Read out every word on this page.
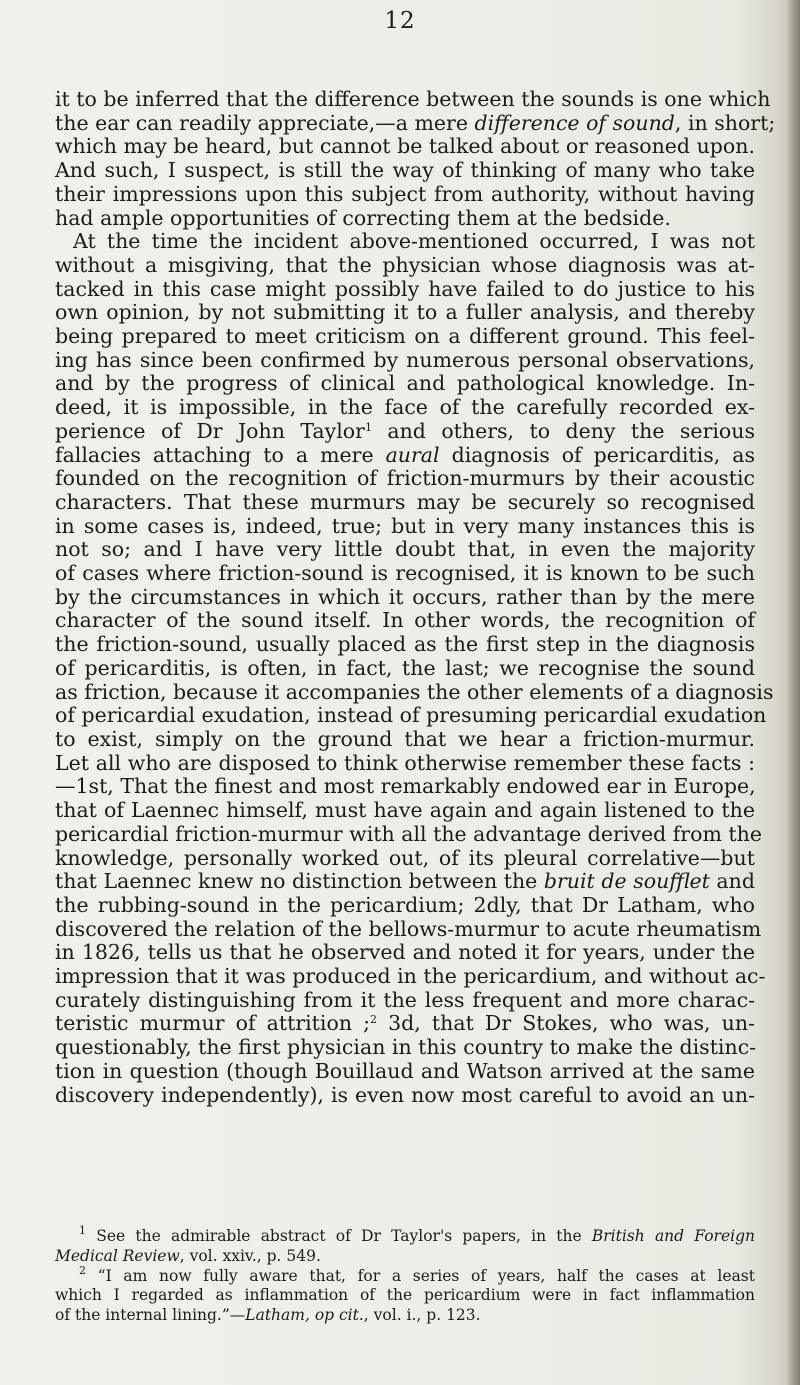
12
it to be inferred that the difference between the sounds is one which
the ear can readily appreciate,—a mere difference of sound, in short;
which may be heard, but cannot be talked about or reasoned upon.
And such, I suspect, is still the way of thinking of many who take
their impressions upon this subject from authority, without having
had ample opportunities of correcting them at the bedside.
At the time the incident above-mentioned occurred, I was not
without a misgiving, that the physician whose diagnosis was at-
tacked in this case might possibly have failed to do justice to his
own opinion, by not submitting it to a fuller analysis, and thereby
being prepared to meet criticism on a different ground. This feel-
ing has since been confirmed by numerous personal observations,
and by the progress of clinical and pathological knowledge. In-
deed, it is impossible, in the face of the carefully recorded ex-
perience of Dr John Taylor$^1$ and others, to deny the serious
fallacies attaching to a mere aural diagnosis of pericarditis, as
founded on the recognition of friction-murmurs by their acoustic
characters. That these murmurs may be securely so recognised
in some cases is, indeed, true; but in very many instances this is
not so; and I have very little doubt that, in even the majority
of cases where friction-sound is recognised, it is known to be such
by the circumstances in which it occurs, rather than by the mere
character of the sound itself. In other words, the recognition of
the friction-sound, usually placed as the first step in the diagnosis
of pericarditis, is often, in fact, the last; we recognise the sound
as friction, because it accompanies the other elements of a diagnosis
of pericardial exudation, instead of presuming pericardial exudation
to exist, simply on the ground that we hear a friction-murmur.
Let all who are disposed to think otherwise remember these facts :
—1st, That the finest and most remarkably endowed ear in Europe,
that of Laennec himself, must have again and again listened to the
pericardial friction-murmur with all the advantage derived from the
knowledge, personally worked out, of its pleural correlative—but
that Laennec knew no distinction between the bruit de soufflet and
the rubbing-sound in the pericardium; 2dly, that Dr Latham, who
discovered the relation of the bellows-murmur to acute rheumatism
in 1826, tells us that he observed and noted it for years, under the
impression that it was produced in the pericardium, and without ac-
curately distinguishing from it the less frequent and more charac-
teristic murmur of attrition ;$^2$ 3d, that Dr Stokes, who was, un-
questionably, the first physician in this country to make the distinc-
tion in question (though Bouillaud and Watson arrived at the same
discovery independently), is even now most careful to avoid an un-
$^1$ See the admirable abstract of Dr Taylor's papers, in the British and Foreign
Medical Review, vol. xxiv., p. 549.
$^2$ “I am now fully aware that, for a series of years, half the cases at least
which I regarded as inflammation of the pericardium were in fact inflammation
of the internal lining.”—Latham, op cit., vol. i., p. 123.
